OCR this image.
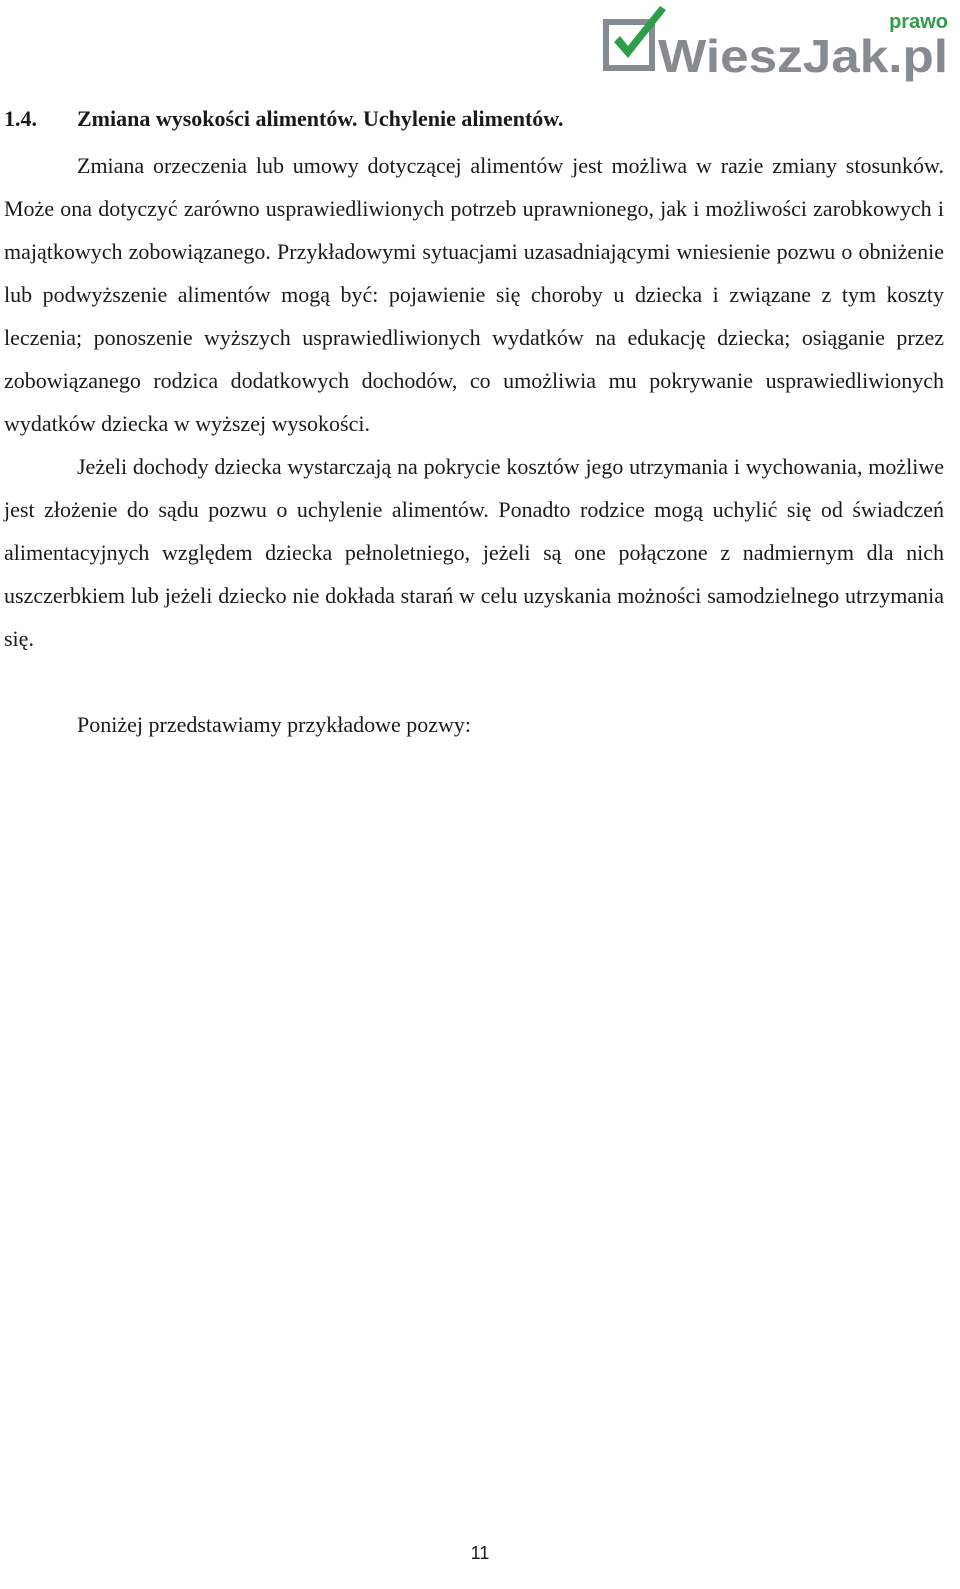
prawo
WieszJak.pl
1.4.	Zmiana wysokości alimentów. Uchylenie alimentów.

Zmiana orzeczenia lub umowy dotyczącej alimentów jest możliwa w razie zmiany stosunków. Może ona dotyczyć zarówno usprawiedliwionych potrzeb uprawnionego, jak i możliwości zarobkowych i majątkowych zobowiązanego. Przykładowymi sytuacjami uzasadniającymi wniesienie pozwu o obniżenie lub podwyższenie alimentów mogą być: pojawienie się choroby u dziecka i związane z tym koszty leczenia; ponoszenie wyższych usprawiedliwionych wydatków na edukację dziecka; osiąganie przez zobowiązanego rodzica dodatkowych dochodów, co umożliwia mu pokrywanie usprawiedliwionych wydatków dziecka w wyższej wysokości.

Jeżeli dochody dziecka wystarczają na pokrycie kosztów jego utrzymania i wychowania, możliwe jest złożenie do sądu pozwu o uchylenie alimentów. Ponadto rodzice mogą uchylić się od świadczeń alimentacyjnych względem dziecka pełnoletniego, jeżeli są one połączone z nadmiernym dla nich uszczerbkiem lub jeżeli dziecko nie dokłada starań w celu uzyskania możności samodzielnego utrzymania się.

Poniżej przedstawiamy przykładowe pozwy:

11
